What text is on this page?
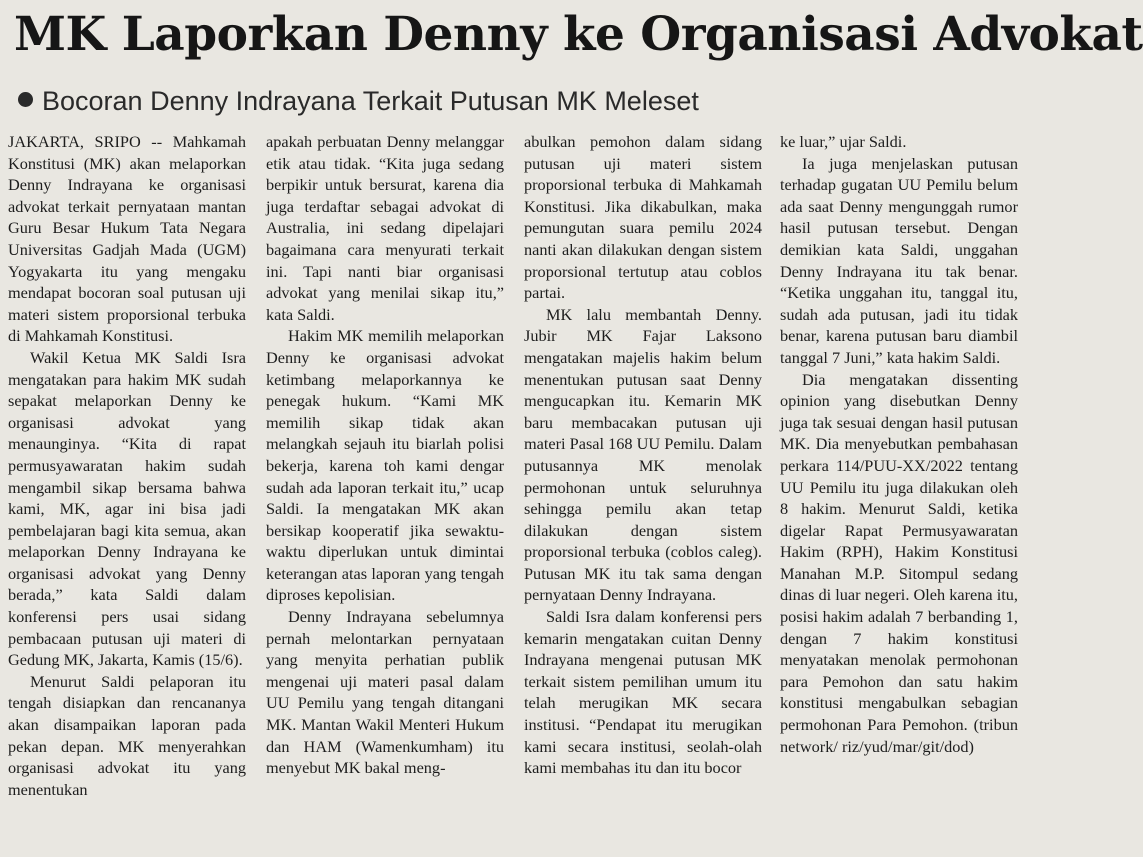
MK Laporkan Denny ke Organisasi Advokat
Bocoran Denny Indrayana Terkait Putusan MK Meleset

JAKARTA, SRIPO -- Mahkamah Konstitusi (MK) akan melaporkan Denny Indrayana ke organisasi advokat terkait pernyataan mantan Guru Besar Hukum Tata Negara Universitas Gadjah Mada (UGM) Yogyakarta itu yang mengaku mendapat bocoran soal putusan uji materi sistem proporsional terbuka di Mahkamah Konstitusi.

Wakil Ketua MK Saldi Isra mengatakan para hakim MK sudah sepakat melaporkan Denny ke organisasi advokat yang menaunginya. “Kita di rapat permusyawaratan hakim sudah mengambil sikap bersama bahwa kami, MK, agar ini bisa jadi pembelajaran bagi kita semua, akan melaporkan Denny Indrayana ke organisasi advokat yang Denny berada,” kata Saldi dalam konferensi pers usai sidang pembacaan putusan uji materi di Gedung MK, Jakarta, Kamis (15/6).

Menurut Saldi pelaporan itu tengah disiapkan dan rencananya akan disampaikan laporan pada pekan depan. MK menyerahkan organisasi advokat itu yang menentukan

apakah perbuatan Denny melanggar etik atau tidak. “Kita juga sedang berpikir untuk bersurat, karena dia juga terdaftar sebagai advokat di Australia, ini sedang dipelajari bagaimana cara menyurati terkait ini. Tapi nanti biar organisasi advokat yang menilai sikap itu,” kata Saldi.

Hakim MK memilih melaporkan Denny ke organisasi advokat ketimbang melaporkannya ke penegak hukum. “Kami MK memilih sikap tidak akan melangkah sejauh itu biarlah polisi bekerja, karena toh kami dengar sudah ada laporan terkait itu,” ucap Saldi. Ia mengatakan MK akan bersikap kooperatif jika sewaktu-waktu diperlukan untuk dimintai keterangan atas laporan yang tengah diproses kepolisian.

Denny Indrayana sebelumnya pernah melontarkan pernyataan yang menyita perhatian publik mengenai uji materi pasal dalam UU Pemilu yang tengah ditangani MK. Mantan Wakil Menteri Hukum dan HAM (Wamenkumham) itu menyebut MK bakal meng-

abulkan pemohon dalam sidang putusan uji materi sistem proporsional terbuka di Mahkamah Konstitusi. Jika dikabulkan, maka pemungutan suara pemilu 2024 nanti akan dilakukan dengan sistem proporsional tertutup atau coblos partai.

MK lalu membantah Denny. Jubir MK Fajar Laksono mengatakan majelis hakim belum menentukan putusan saat Denny mengucapkan itu. Kemarin MK baru membacakan putusan uji materi Pasal 168 UU Pemilu. Dalam putusannya MK menolak permohonan untuk seluruhnya sehingga pemilu akan tetap dilakukan dengan sistem proporsional terbuka (coblos caleg). Putusan MK itu tak sama dengan pernyataan Denny Indrayana.

Saldi Isra dalam konferensi pers kemarin mengatakan cuitan Denny Indrayana mengenai putusan MK terkait sistem pemilihan umum itu telah merugikan MK secara institusi. “Pendapat itu merugikan kami secara institusi, seolah-olah kami membahas itu dan itu bocor

ke luar,” ujar Saldi.

Ia juga menjelaskan putusan terhadap gugatan UU Pemilu belum ada saat Denny mengunggah rumor hasil putusan tersebut. Dengan demikian kata Saldi, unggahan Denny Indrayana itu tak benar. “Ketika unggahan itu, tanggal itu, sudah ada putusan, jadi itu tidak benar, karena putusan baru diambil tanggal 7 Juni,” kata hakim Saldi.

Dia mengatakan dissenting opinion yang disebutkan Denny juga tak sesuai dengan hasil putusan MK. Dia menyebutkan pembahasan perkara 114/PUU-XX/2022 tentang UU Pemilu itu juga dilakukan oleh 8 hakim. Menurut Saldi, ketika digelar Rapat Permusyawaratan Hakim (RPH), Hakim Konstitusi Manahan M.P. Sitompul sedang dinas di luar negeri. Oleh karena itu, posisi hakim adalah 7 berbanding 1, dengan 7 hakim konstitusi menyatakan menolak permohonan para Pemohon dan satu hakim konstitusi mengabulkan sebagian permohonan Para Pemohon. (tribun network/ riz/yud/mar/git/dod)
